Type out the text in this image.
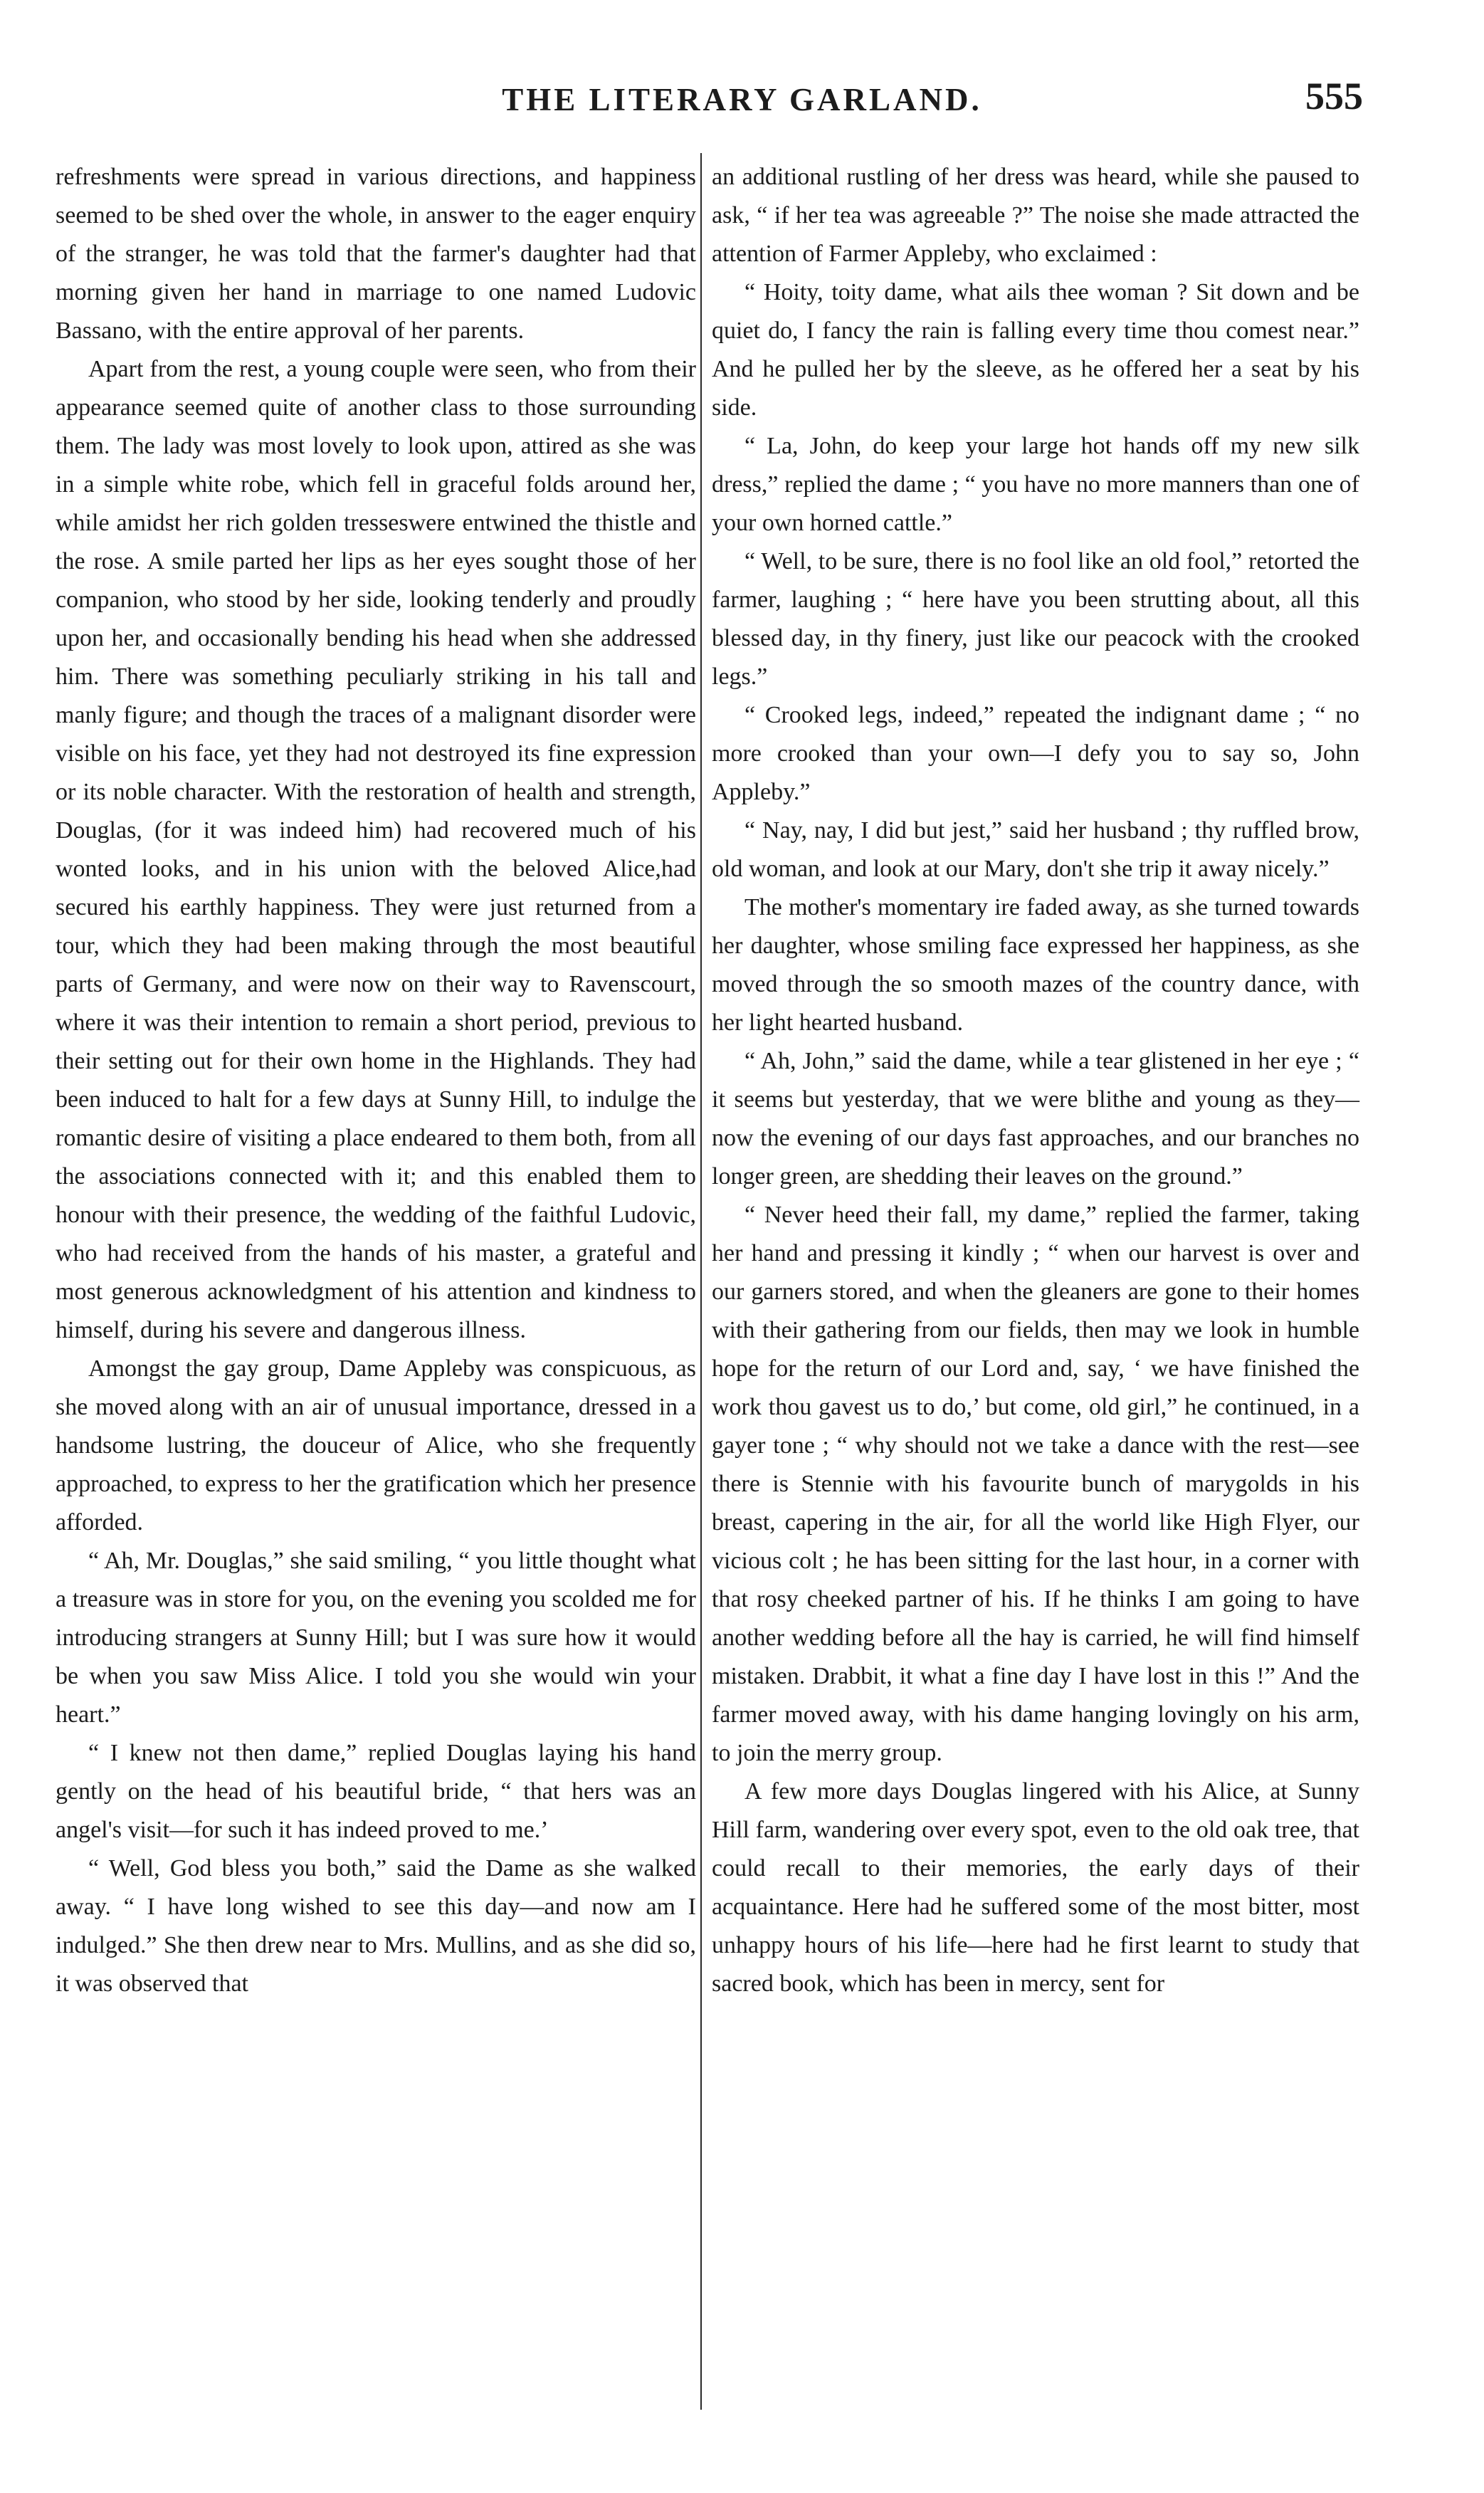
THE LITERARY GARLAND.	555

refreshments were spread in various directions, and happiness seemed to be shed over the whole, in answer to the eager enquiry of the stranger, he was told that the farmer's daughter had that morning given her hand in marriage to one named Ludovic Bassano, with the entire approval of her parents.

Apart from the rest, a young couple were seen, who from their appearance seemed quite of another class to those surrounding them. The lady was most lovely to look upon, attired as she was in a simple white robe, which fell in graceful folds around her, while amidst her rich golden tresseswere entwined the thistle and the rose. A smile parted her lips as her eyes sought those of her companion, who stood by her side, looking tenderly and proudly upon her, and occasionally bending his head when she addressed him. There was something peculiarly striking in his tall and manly figure; and though the traces of a malignant disorder were visible on his face, yet they had not destroyed its fine expression or its noble character. With the restoration of health and strength, Douglas, (for it was indeed him) had recovered much of his wonted looks, and in his union with the beloved Alice,had secured his earthly happiness. They were just returned from a tour, which they had been making through the most beautiful parts of Germany, and were now on their way to Ravenscourt, where it was their intention to remain a short period, previous to their setting out for their own home in the Highlands. They had been induced to halt for a few days at Sunny Hill, to indulge the romantic desire of visiting a place endeared to them both, from all the associations connected with it; and this enabled them to honour with their presence, the wedding of the faithful Ludovic, who had received from the hands of his master, a grateful and most generous acknowledgment of his attention and kindness to himself, during his severe and dangerous illness.

Amongst the gay group, Dame Appleby was conspicuous, as she moved along with an air of unusual importance, dressed in a handsome lustring, the douceur of Alice, who she frequently approached, to express to her the gratification which her presence afforded.

“ Ah, Mr. Douglas,” she said smiling, “ you little thought what a treasure was in store for you, on the evening you scolded me for introducing strangers at Sunny Hill; but I was sure how it would be when you saw Miss Alice. I told you she would win your heart.”

“ I knew not then dame,” replied Douglas laying his hand gently on the head of his beautiful bride, “ that hers was an angel's visit—for such it has indeed proved to me.’

“ Well, God bless you both,” said the Dame as she walked away. “ I have long wished to see this day—and now am I indulged.” She then drew near to Mrs. Mullins, and as she did so, it was observed that

an additional rustling of her dress was heard, while she paused to ask, “ if her tea was agreeable ?” The noise she made attracted the attention of Farmer Appleby, who exclaimed :

“ Hoity, toity dame, what ails thee woman ? Sit down and be quiet do, I fancy the rain is falling every time thou comest near.” And he pulled her by the sleeve, as he offered her a seat by his side.

“ La, John, do keep your large hot hands off my new silk dress,” replied the dame ; “ you have no more manners than one of your own horned cattle.”

“ Well, to be sure, there is no fool like an old fool,” retorted the farmer, laughing ; “ here have you been strutting about, all this blessed day, in thy finery, just like our peacock with the crooked legs.”

“ Crooked legs, indeed,” repeated the indignant dame ; “ no more crooked than your own—I defy you to say so, John Appleby.”

“ Nay, nay, I did but jest,” said her husband ; thy ruffled brow, old woman, and look at our Mary, don't she trip it away nicely.”

The mother's momentary ire faded away, as she turned towards her daughter, whose smiling face expressed her happiness, as she moved through the so smooth mazes of the country dance, with her light hearted husband.

“ Ah, John,” said the dame, while a tear glistened in her eye ; “ it seems but yesterday, that we were blithe and young as they—now the evening of our days fast approaches, and our branches no longer green, are shedding their leaves on the ground.”

“ Never heed their fall, my dame,” replied the farmer, taking her hand and pressing it kindly ; “ when our harvest is over and our garners stored, and when the gleaners are gone to their homes with their gathering from our fields, then may we look in humble hope for the return of our Lord and, say, ‘ we have finished the work thou gavest us to do,’ but come, old girl,” he continued, in a gayer tone ; “ why should not we take a dance with the rest—see there is Stennie with his favourite bunch of marygolds in his breast, capering in the air, for all the world like High Flyer, our vicious colt ; he has been sitting for the last hour, in a corner with that rosy cheeked partner of his. If he thinks I am going to have another wedding before all the hay is carried, he will find himself mistaken. Drabbit, it what a fine day I have lost in this !” And the farmer moved away, with his dame hanging lovingly on his arm, to join the merry group.

A few more days Douglas lingered with his Alice, at Sunny Hill farm, wandering over every spot, even to the old oak tree, that could recall to their memories, the early days of their acquaintance. Here had he suffered some of the most bitter, most unhappy hours of his life—here had he first learnt to study that sacred book, which has been in mercy, sent for
